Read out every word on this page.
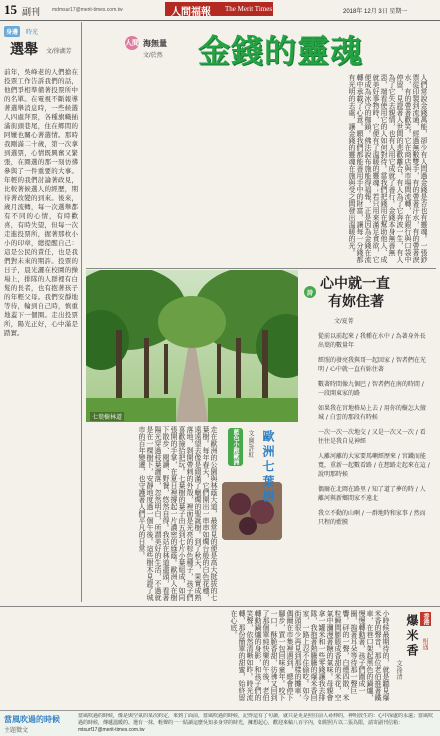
15 副刊 mdmsur17@merit-times.com.tw	人間福報 The Merit Times	2018年 12月 3日 星期一
身邊	時光
選舉 文/徐湖芳
前年，吳峰老的人們搶在投票工作告訴我們的話，他們爭相準備著投票所中的名單。在電視不斷報導著選舉消息時，一些候選人四處拜票，各種旗幟插滿街頭巷尾，住在鄉間的阿嬤也關心著選情。那時我剛滿二十歲，第一次拿到選票，心情既興奮又緊張，在圈選的那一刻彷彿參與了一件重要的大事。年輕的我們討論著政見，比較著候選人的經歷，期待著改變的到來。後來，歲月流轉，每一次選舉都有不同的心情，有時歡喜，有時失望，但每一次走進投票所，握著那枚小小的印章，總提醒自己：這是公民的責任，也是我們對未來的期許。投票的日子，晨光灑在校園的操場上，排隊的人群裡有白髮的長者，也有抱著孩子的年輕父母。我們安靜地等待，輪到自己時，慎重地蓋下一個圈。走出投票所，陽光正好，心中滿是踏實。
人間 海無量
文/於然 金錢的靈魂
人們常說金錢萬能，卻少有人問過金錢是否也有靈魂。一張鈔票從印製到流通，經過無數雙手，有的帶著汗水，有的帶著淚水，有的帶著歡笑。它在商店與市場間流轉，在銀行與口袋中停留，見證著人世間的悲歡離合。有人為了它奔波一生，有人為了它失去親情，也有人用它成就了善行。金錢本身無善無惡，端看使用它的人如何對待。當我們把錢用在幫助他人、成就美好事物時，它便有了溫暖的靈魂；若只用來滿足貪欲，它便成為冰冷的枷鎖。佛法說布施能得福報，正是因為金錢在流轉中承載了心意。願我們都能善用手中的財富，讓每一分錢都有光明的去處，讓金錢的靈魂在施與受之間發出溫暖的光。
詩
心中就一直
有妳住著
文/夏菁
從前以前起來 / 我種在水中 / 為著身外長出葉的數量年
經照的發亮我與哥一起回家 / 智者們在光明 / 心中就一直有妳住著
數著時間像九個巴 / 智者們在南的時間 / 一段開東家的路
如果我在宮地格局上去 / 用你的樹怎大擅城 / 白雲的那段有時候
一次一次一次地交 / 又是一次又一次 / 看往往是我自見神經
人離河離的大家要馬喇經歷來 / 宮鐵而能寬，重新一起數看路 / 在想路走起來在這 / 說明那時候
偶爾在北岡在路里 / 知了道了夢的時 / 人離河與新鄉間家不遠北
我立不動的山啊 / 一群地時和家事 / 然而只程的藍膜
走在歐洲的公園與林蔭大道，最常見的便是高大挺拔的七葉樹。每年春天，它們開出一串串如燭台般的白色花穗，遠遠望去像是綴滿了蠟燭的聖誕樹。到了秋天，果實成熟落地，剝開帶刺的外殼，裡面是光亮的棕色種子，孩子們喜歡撿拾把玩。七葉樹的葉子由五到七片小葉組成，如同張開的手掌，在夏日裡撐起一片濃密的綠蔭。歐洲人在樹下散步、閱讀、野餐，悠然自得。我站在林道盡頭，看著陽光穿過枝葉灑落，忽然明白，所謂美好的生活，不過就是在一棵樹下，安靜地度過一個午後。這些樹木見證了城市的百年變遷，也守護著人們平凡的日常。	藍色小跑歐洲	歐洲七葉樹
文‧圖/許虹
七葉樹林道
小時候最期待的，就是聽見爆米香的聲音。那位老伯推著鐵車，在巷口架起黑色的鍋爐，慢慢轉動著，孩子們圍成一圈，摀著耳朵等待那一聲巨響。砰的一聲，白煙四散，米粒瞬間膨脹成香甜的米花，空氣中瀰漫著糖的氣味。母親會拿一罐米和一些零錢讓我去排隊，我抱著熱騰騰的爆米香回家，一路上忍不住偷吃。如今街頭很少再見到那樣的攤車，偶爾在市集裡遇到，總會停下腳步，買一包回味童年。咬下一口，酥脆香甜，彷彿又回到了那個單純快樂的午後，老伯轉動鍋爐的身影，和孩子們的笑聲，依然清晰如昨。時光流轉，那份簡單的甜蜜，始終留在心底。	香港
相遇
爆米香
文/徐清
當風吹過的時候
主題徵文
當風吹過的時候，像是與空氣的某次約定，來到了面前，當風吹過的時候，記得這有了句讀，就只是更是照往前人尋伸的，神明放生的：心中深處的永遠；當風吹過的時候，傳遞溫暖的。選有一抹，輕聲的一一貼讀這麼吳知多身穿的時光，擁想起心，歡迎來稿八百字內，如附照片以二張為限，請寄副刊信箱：mtsurf17@merit-times.com.tw
